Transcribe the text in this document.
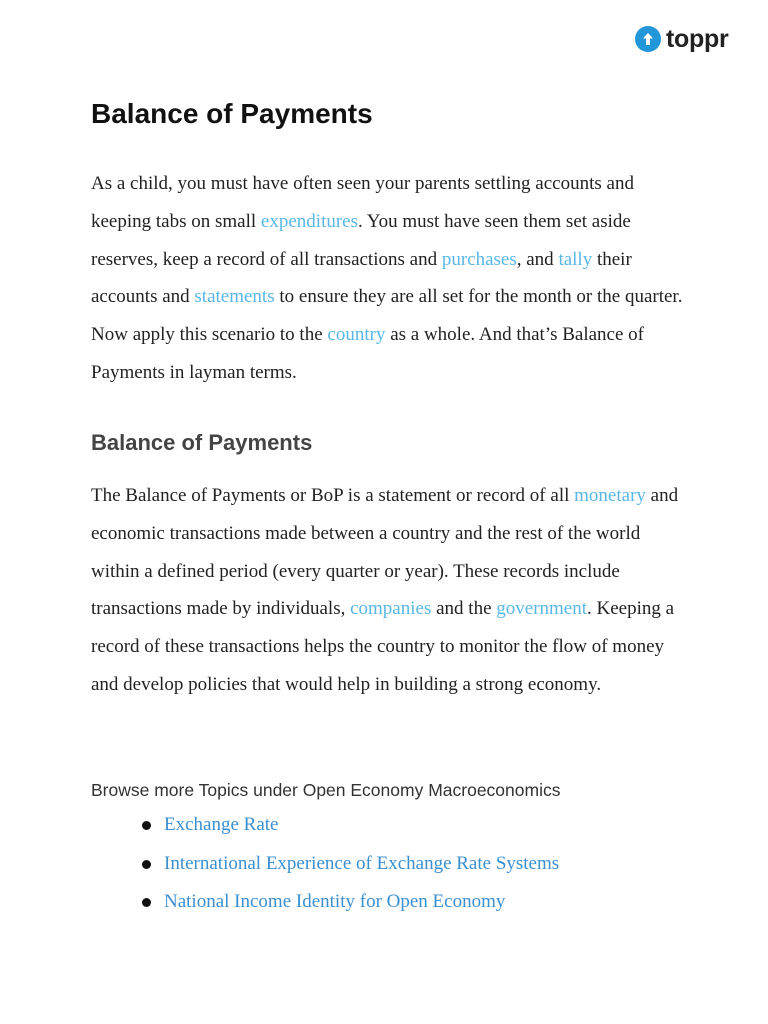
toppr
Balance of Payments

As a child, you must have often seen your parents settling accounts and keeping tabs on small expenditures. You must have seen them set aside reserves, keep a record of all transactions and purchases, and tally their accounts and statements to ensure they are all set for the month or the quarter. Now apply this scenario to the country as a whole. And that’s Balance of Payments in layman terms.

Balance of Payments

The Balance of Payments or BoP is a statement or record of all monetary and economic transactions made between a country and the rest of the world within a defined period (every quarter or year). These records include transactions made by individuals, companies and the government. Keeping a record of these transactions helps the country to monitor the flow of money and develop policies that would help in building a strong economy.

Browse more Topics under Open Economy Macroeconomics

Exchange Rate
International Experience of Exchange Rate Systems
National Income Identity for Open Economy
